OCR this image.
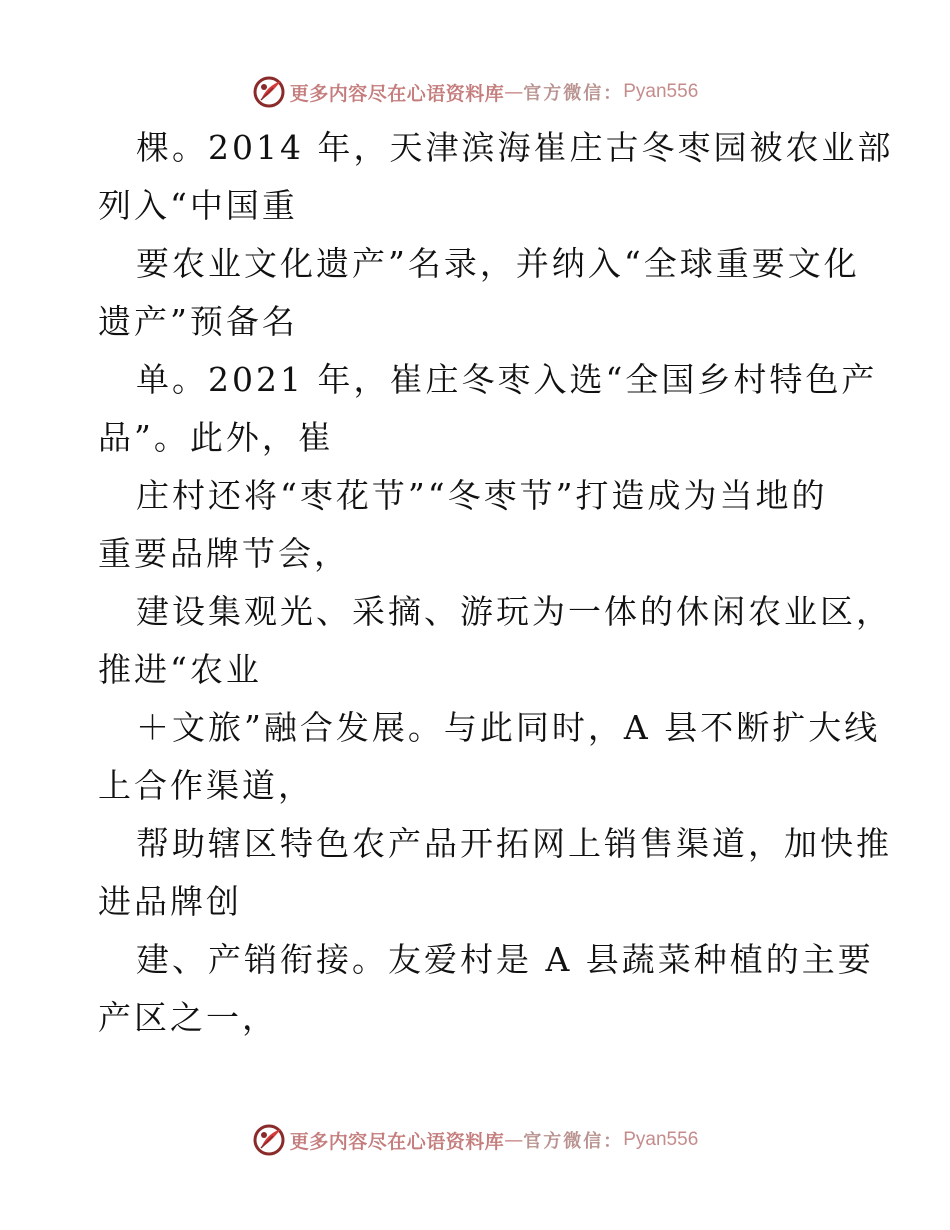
更多内容尽在心语资料库 — 官方微信： Pyan556
棵。2014 年，天津滨海崔庄古冬枣园被农业部
列入“中国重
要农业文化遗产”名录，并纳入“全球重要文化
遗产”预备名
单。2021 年，崔庄冬枣入选“全国乡村特色产
品”。此外，崔
庄村还将“枣花节”“冬枣节”打造成为当地的
重要品牌节会，
建设集观光、采摘、游玩为一体的休闲农业区，
推进“农业
＋文旅”融合发展。与此同时，A 县不断扩大线
上合作渠道，
帮助辖区特色农产品开拓网上销售渠道，加快推
进品牌创
建、产销衔接。友爱村是 A 县蔬菜种植的主要
产区之一，
更多内容尽在心语资料库 — 官方微信： Pyan556
